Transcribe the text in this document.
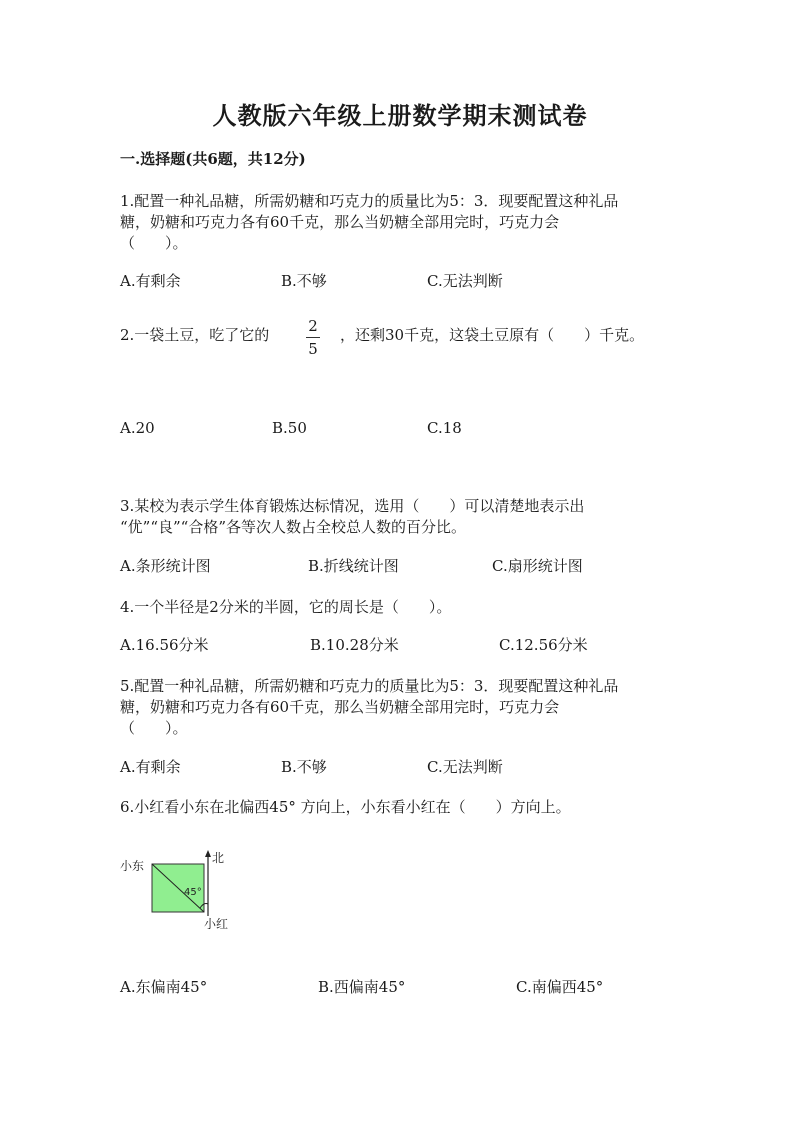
人教版六年级上册数学期末测试卷
一.选择题(共6题，共12分)
1.配置一种礼品糖，所需奶糖和巧克力的质量比为5：3．现要配置这种礼品
糖，奶糖和巧克力各有60千克，那么当奶糖全部用完时，巧克力会
（　　）。
A.有剩余	B.不够	C.无法判断
2.一袋土豆，吃了它的	2
5
，还剩30千克，这袋土豆原有（　　）千克。
A.20	B.50	C.18
3.某校为表示学生体育锻炼达标情况，选用（　　）可以清楚地表示出
“优”“良”“合格”各等次人数占全校总人数的百分比。
A.条形统计图	B.折线统计图	C.扇形统计图
4.一个半径是2分米的半圆，它的周长是（　　）。
A.16.56分米	B.10.28分米	C.12.56分米
5.配置一种礼品糖，所需奶糖和巧克力的质量比为5：3．现要配置这种礼品
糖，奶糖和巧克力各有60千克，那么当奶糖全部用完时，巧克力会
（　　）。
A.有剩余	B.不够	C.无法判断
6.小红看小东在北偏西45° 方向上，小东看小红在（　　）方向上。
小东
北
45°
小红
A.东偏南45°	B.西偏南45°	C.南偏西45°
